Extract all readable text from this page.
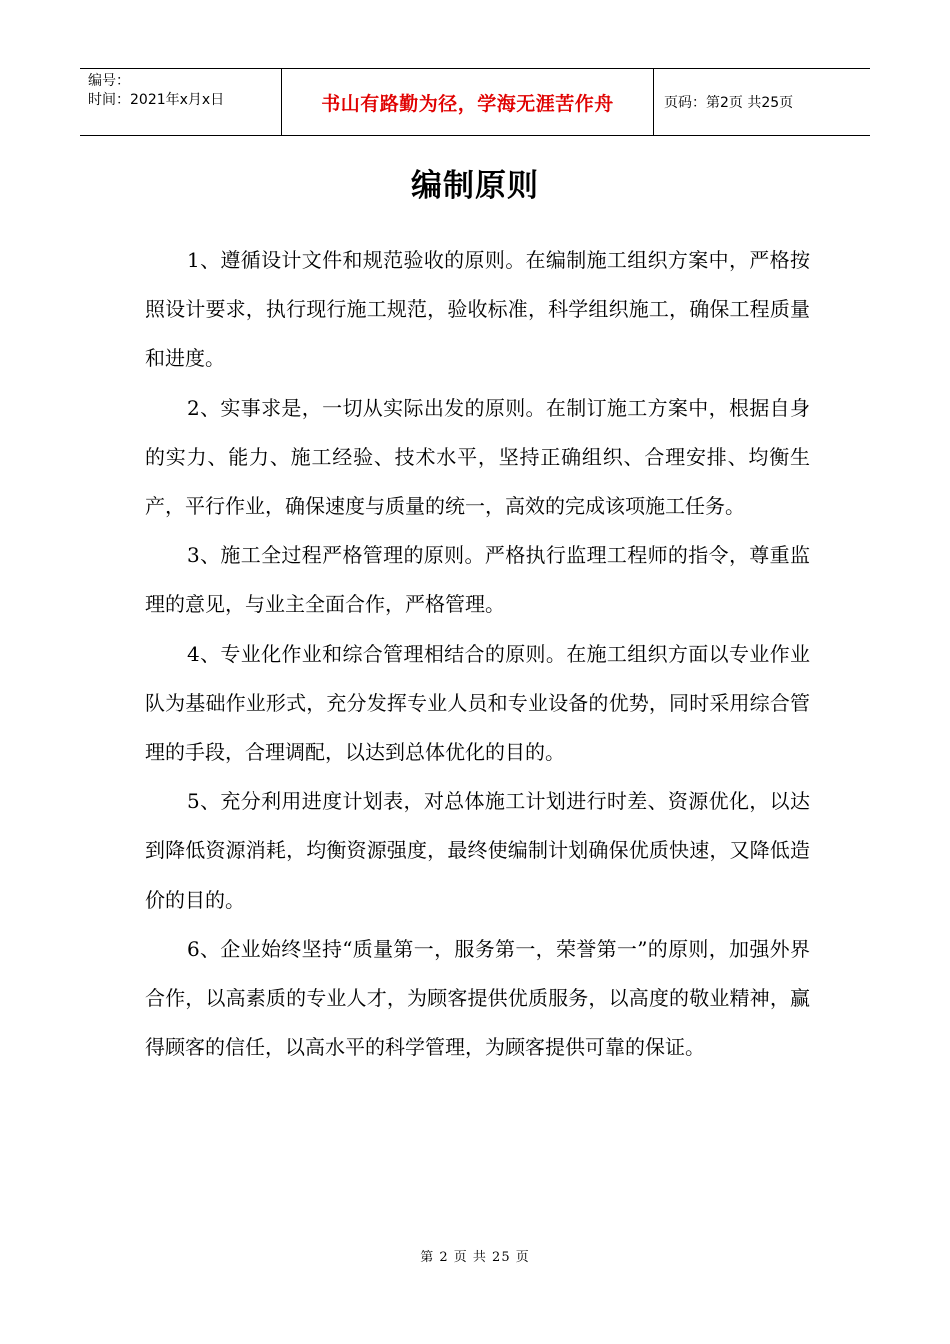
编号：
时间：2021年x月x日	书山有路勤为径，学海无涯苦作舟	页码：第2页 共25页
编制原则

1、遵循设计文件和规范验收的原则。在编制施工组织方案中，严格按照设计要求，执行现行施工规范，验收标准，科学组织施工，确保工程质量和进度。

2、实事求是，一切从实际出发的原则。在制订施工方案中，根据自身的实力、能力、施工经验、技术水平，坚持正确组织、合理安排、均衡生产，平行作业，确保速度与质量的统一，高效的完成该项施工任务。

3、施工全过程严格管理的原则。严格执行监理工程师的指令，尊重监理的意见，与业主全面合作，严格管理。

4、专业化作业和综合管理相结合的原则。在施工组织方面以专业作业队为基础作业形式，充分发挥专业人员和专业设备的优势，同时采用综合管理的手段，合理调配，以达到总体优化的目的。

5、充分利用进度计划表，对总体施工计划进行时差、资源优化，以达到降低资源消耗，均衡资源强度，最终使编制计划确保优质快速，又降低造价的目的。

6、企业始终坚持“质量第一，服务第一，荣誉第一”的原则，加强外界合作，以高素质的专业人才，为顾客提供优质服务，以高度的敬业精神，赢得顾客的信任，以高水平的科学管理，为顾客提供可靠的保证。

第 2 页 共 25 页
